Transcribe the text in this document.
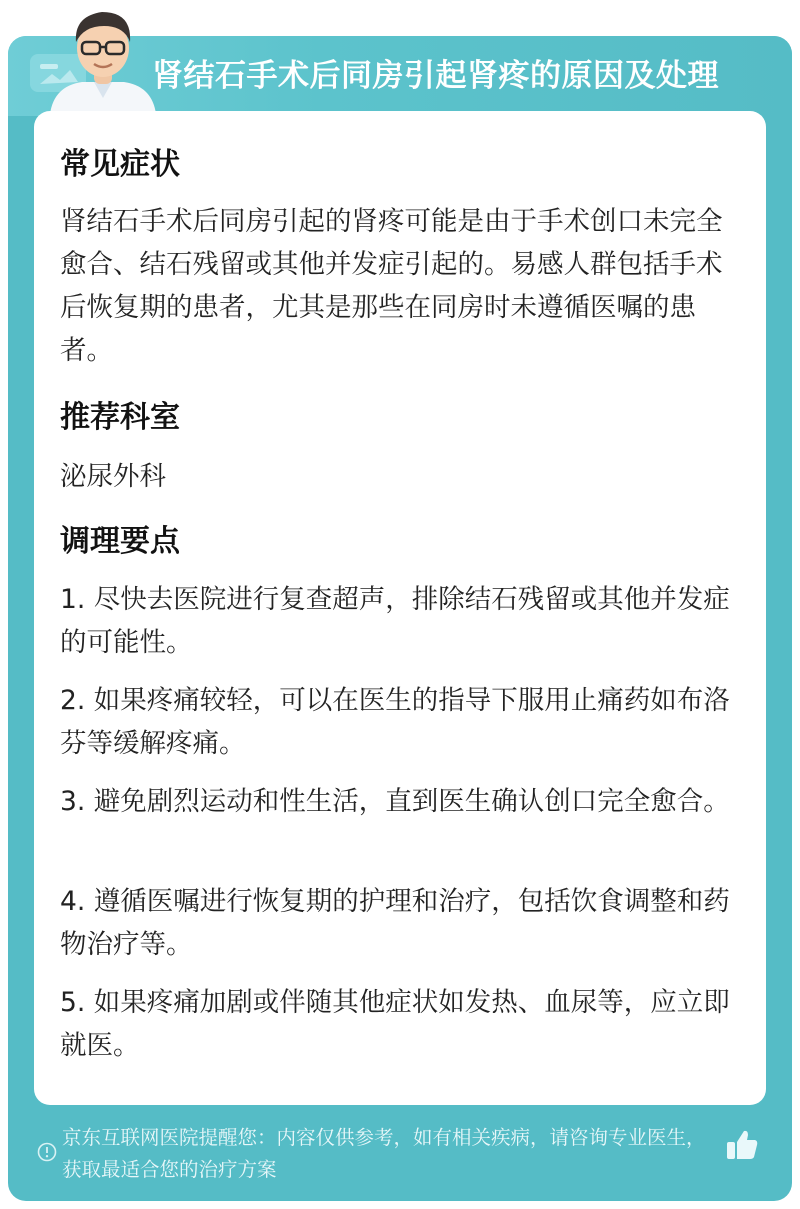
肾结石手术后同房引起肾疼的原因及处理
常见症状
肾结石手术后同房引起的肾疼可能是由于手术创口未完全愈合、结石残留或其他并发症引起的。易感人群包括手术后恢复期的患者，尤其是那些在同房时未遵循医嘱的患者。
推荐科室
泌尿外科
调理要点
1. 尽快去医院进行复查超声，排除结石残留或其他并发症的可能性。
2. 如果疼痛较轻，可以在医生的指导下服用止痛药如布洛芬等缓解疼痛。
3. 避免剧烈运动和性生活，直到医生确认创口完全愈合。
4. 遵循医嘱进行恢复期的护理和治疗，包括饮食调整和药物治疗等。
5. 如果疼痛加剧或伴随其他症状如发热、血尿等，应立即就医。
京东互联网医院提醒您：内容仅供参考，如有相关疾病，请咨询专业医生，获取最适合您的治疗方案
